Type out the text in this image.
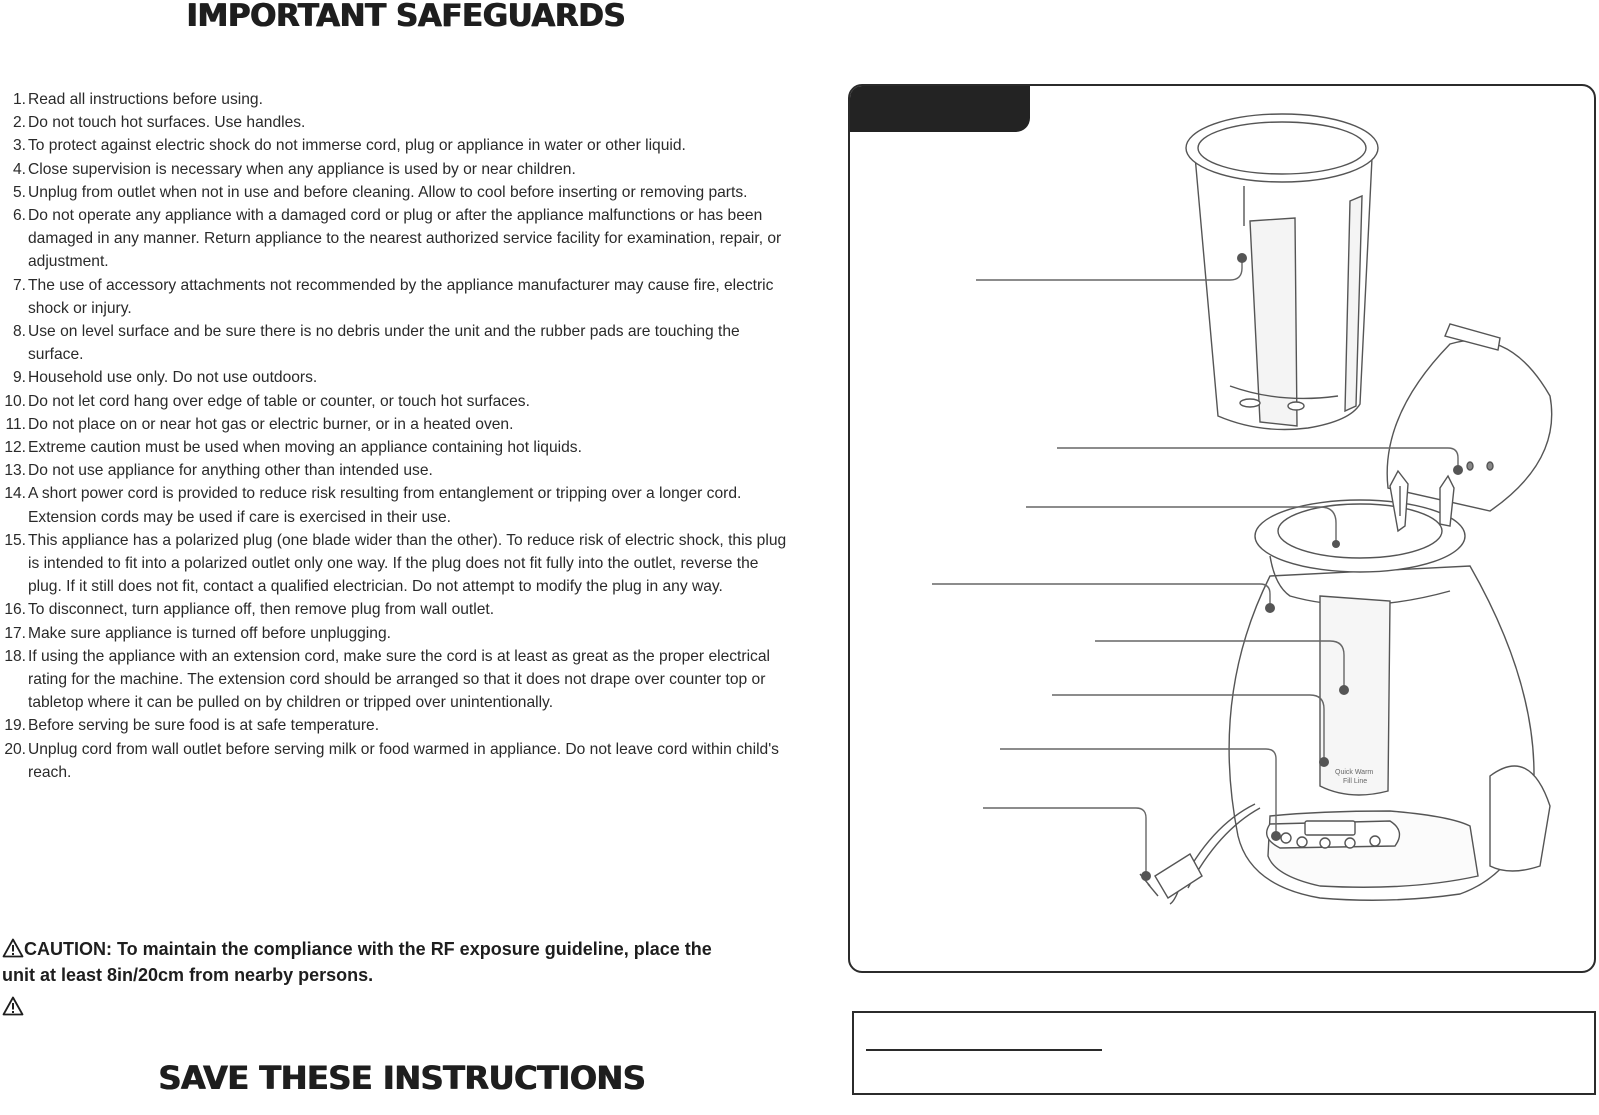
IMPORTANT SAFEGUARDS
1. Read all instructions before using.
2. Do not touch hot surfaces. Use handles.
3. To protect against electric shock do not immerse cord, plug or appliance in water or other liquid.
4. Close supervision is necessary when any appliance is used by or near children.
5. Unplug from outlet when not in use and before cleaning. Allow to cool before inserting or removing parts.
6. Do not operate any appliance with a damaged cord or plug or after the appliance malfunctions or has been damaged in any manner. Return appliance to the nearest authorized service facility for examination, repair, or adjustment.
7. The use of accessory attachments not recommended by the appliance manufacturer may cause fire, electric shock or injury.
8. Use on level surface and be sure there is no debris under the unit and the rubber pads are touching the surface.
9. Household use only. Do not use outdoors.
10. Do not let cord hang over edge of table or counter, or touch hot surfaces.
11. Do not place on or near hot gas or electric burner, or in a heated oven.
12. Extreme caution must be used when moving an appliance containing hot liquids.
13. Do not use appliance for anything other than intended use.
14. A short power cord is provided to reduce risk resulting from entanglement or tripping over a longer cord. Extension cords may be used if care is exercised in their use.
15. This appliance has a polarized plug (one blade wider than the other). To reduce risk of electric shock, this plug is intended to fit into a polarized outlet only one way. If the plug does not fit fully into the outlet, reverse the plug. If it still does not fit, contact a qualified electrician. Do not attempt to modify the plug in any way.
16. To disconnect, turn appliance off, then remove plug from wall outlet.
17. Make sure appliance is turned off before unplugging.
18. If using the appliance with an extension cord, make sure the cord is at least as great as the proper electrical rating for the machine. The extension cord should be arranged so that it does not drape over counter top or tabletop where it can be pulled on by children or tripped over unintentionally.
19. Before serving be sure food is at safe temperature.
20. Unplug cord from wall outlet before serving milk or food warmed in appliance. Do not leave cord within child's reach.
CAUTION: To maintain the compliance with the RF exposure guideline, place the unit at least 8in/20cm from nearby persons.
SAVE THESE INSTRUCTIONS
Quick Warm
Fill Line
